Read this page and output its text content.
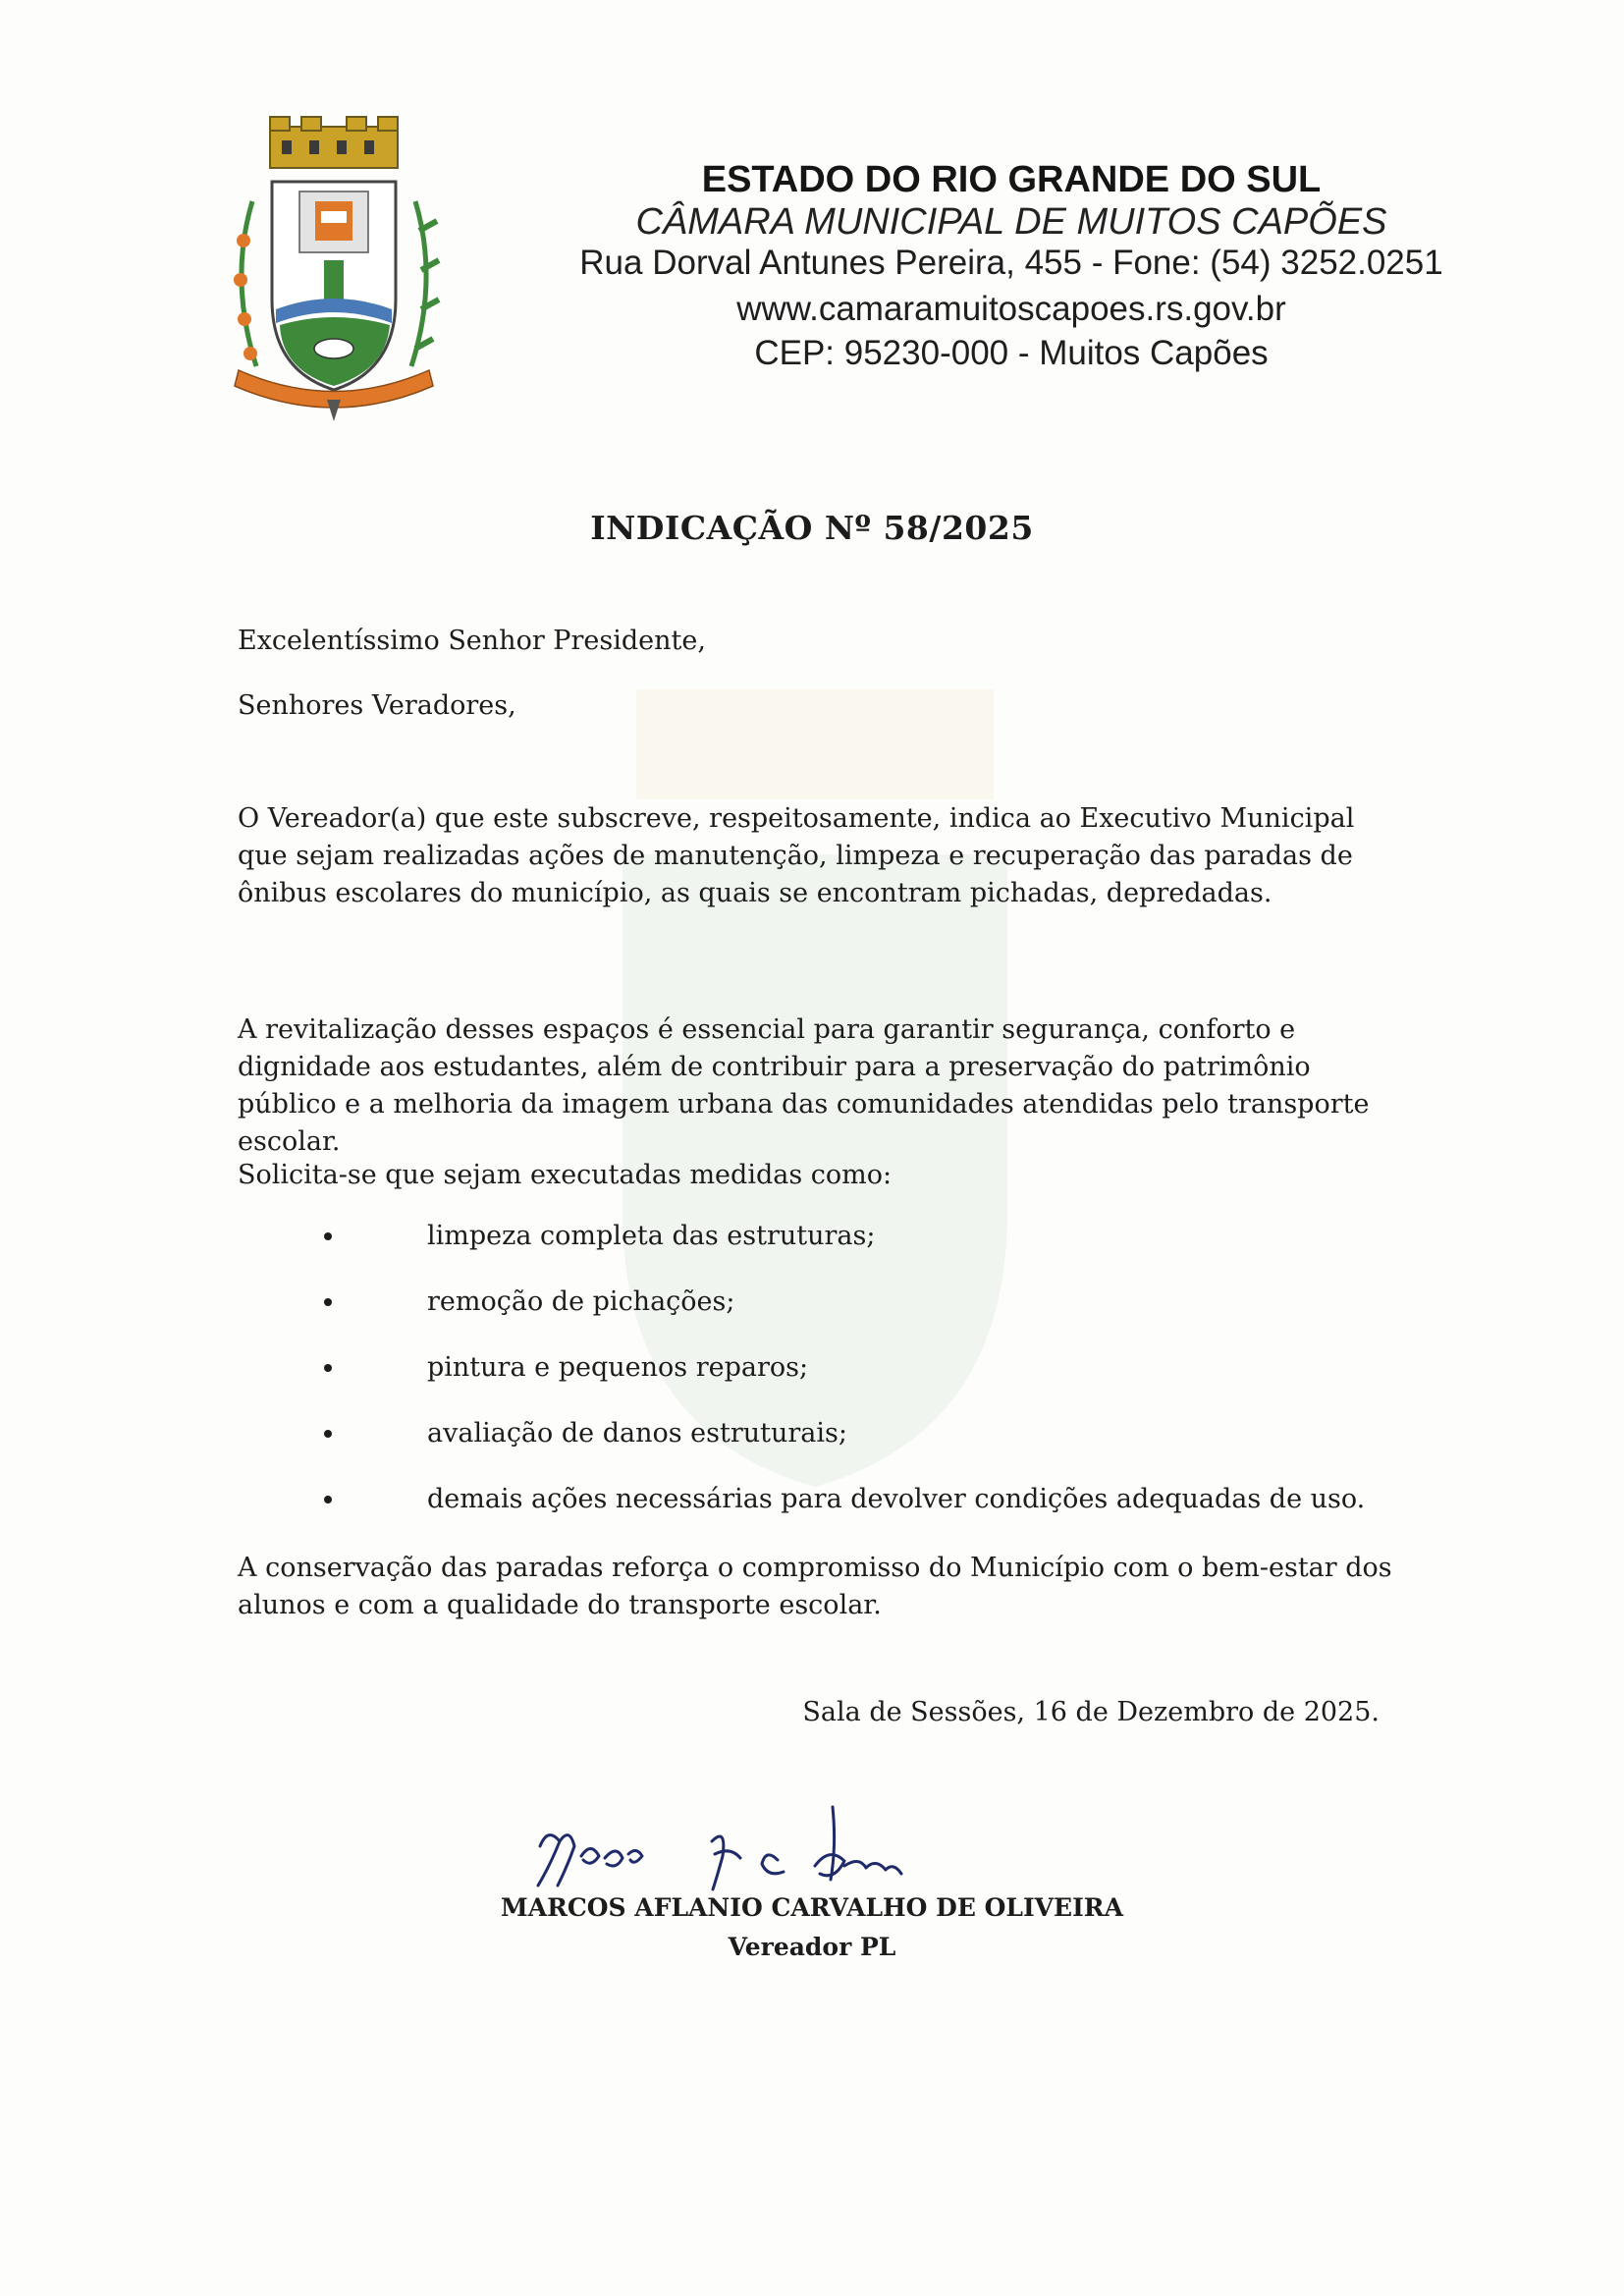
ESTADO DO RIO GRANDE DO SUL
CÂMARA MUNICIPAL DE MUITOS CAPÕES
Rua Dorval Antunes Pereira, 455 - Fone: (54) 3252.0251
www.camaramuitoscapoes.rs.gov.br
CEP: 95230-000 - Muitos Capões
INDICAÇÃO Nº 58/2025
Excelentíssimo Senhor Presidente,
Senhores Veradores,
O Vereador(a) que este subscreve, respeitosamente, indica ao Executivo Municipal que sejam realizadas ações de manutenção, limpeza e recuperação das paradas de ônibus escolares do município, as quais se encontram pichadas, depredadas.
A revitalização desses espaços é essencial para garantir segurança, conforto e dignidade aos estudantes, além de contribuir para a preservação do patrimônio público e a melhoria da imagem urbana das comunidades atendidas pelo transporte escolar.
Solicita-se que sejam executadas medidas como:
limpeza completa das estruturas;
remoção de pichações;
pintura e pequenos reparos;
avaliação de danos estruturais;
demais ações necessárias para devolver condições adequadas de uso.
A conservação das paradas reforça o compromisso do Município com o bem-estar dos alunos e com a qualidade do transporte escolar.
Sala de Sessões, 16 de Dezembro de 2025.
MARCOS AFLANIO CARVALHO DE OLIVEIRA
Vereador PL
